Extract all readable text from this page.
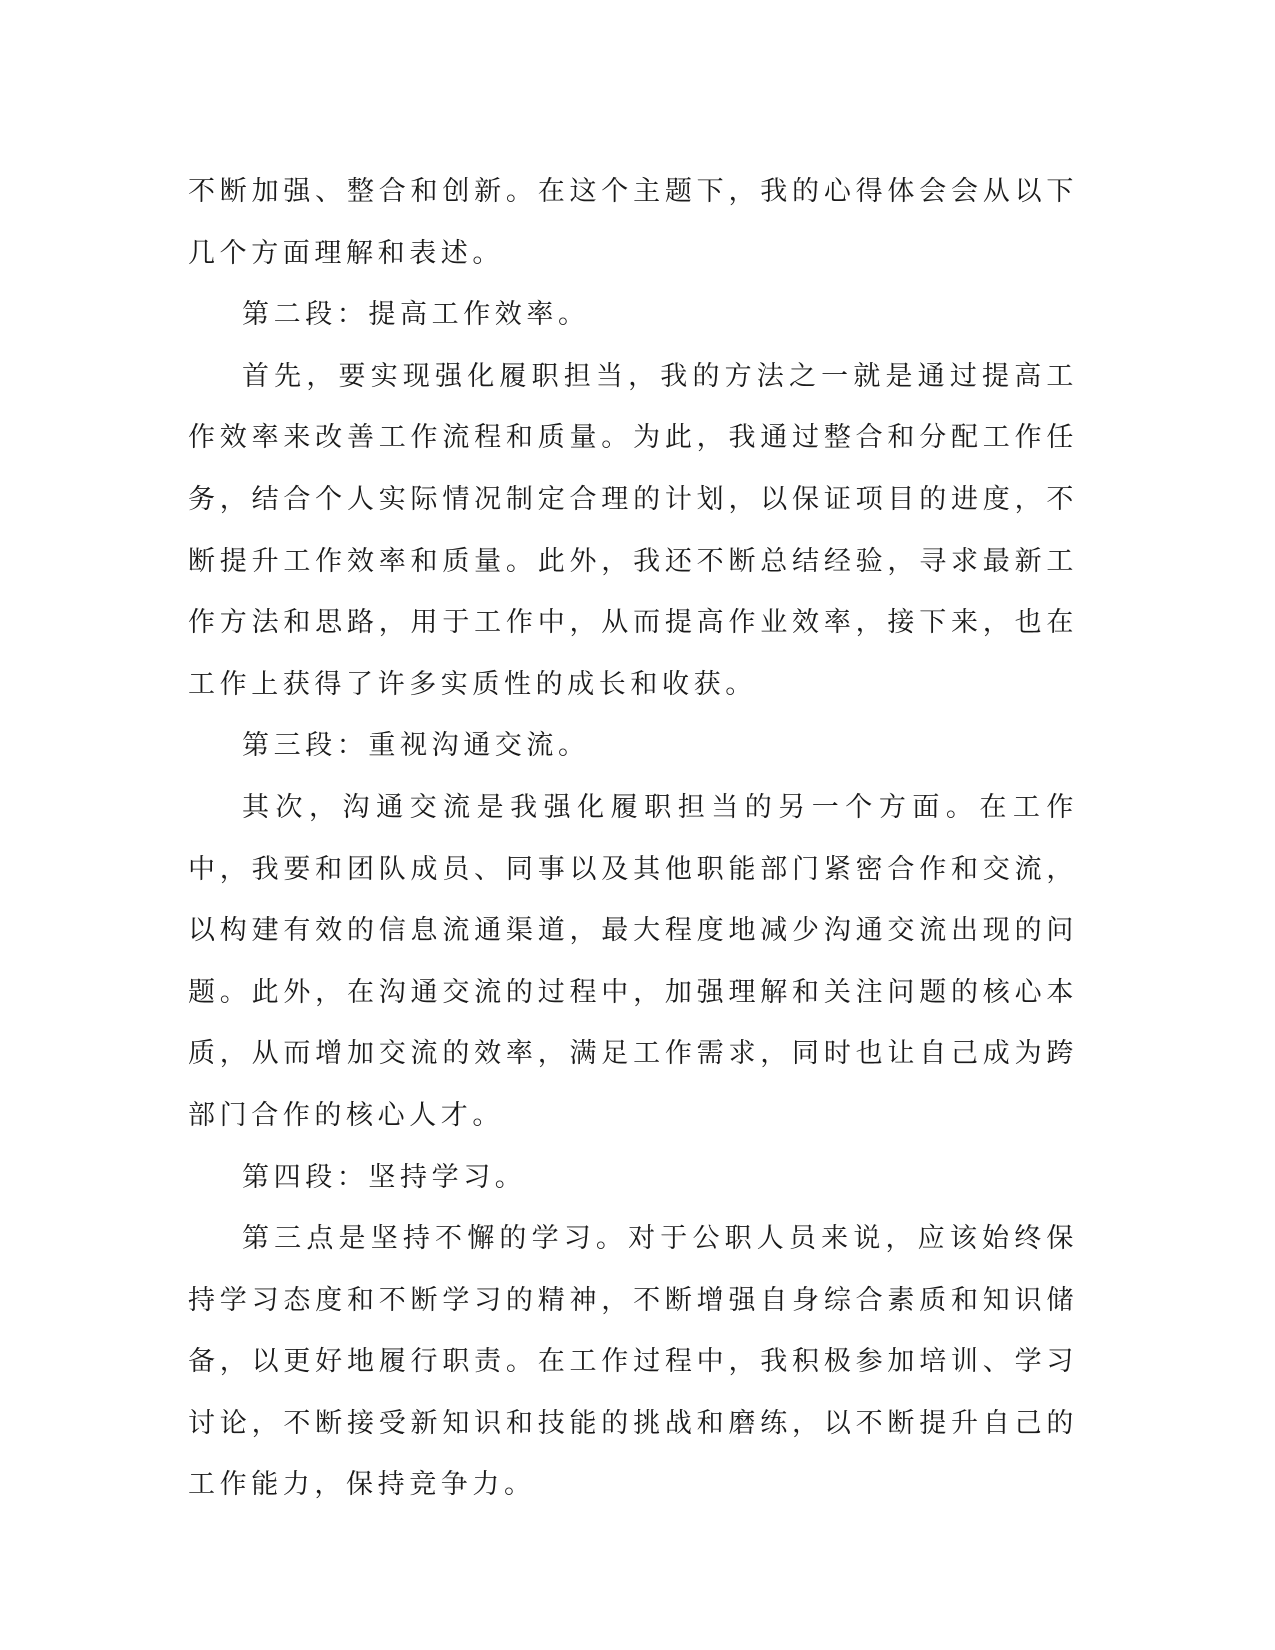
不断加强、整合和创新。在这个主题下，我的心得体会会从以下几个方面理解和表述。

第二段：提高工作效率。

首先，要实现强化履职担当，我的方法之一就是通过提高工作效率来改善工作流程和质量。为此，我通过整合和分配工作任务，结合个人实际情况制定合理的计划，以保证项目的进度，不断提升工作效率和质量。此外，我还不断总结经验，寻求最新工作方法和思路，用于工作中，从而提高作业效率，接下来，也在工作上获得了许多实质性的成长和收获。

第三段：重视沟通交流。

其次，沟通交流是我强化履职担当的另一个方面。在工作中，我要和团队成员、同事以及其他职能部门紧密合作和交流，以构建有效的信息流通渠道，最大程度地减少沟通交流出现的问题。此外，在沟通交流的过程中，加强理解和关注问题的核心本质，从而增加交流的效率，满足工作需求，同时也让自己成为跨部门合作的核心人才。

第四段：坚持学习。

第三点是坚持不懈的学习。对于公职人员来说，应该始终保持学习态度和不断学习的精神，不断增强自身综合素质和知识储备，以更好地履行职责。在工作过程中，我积极参加培训、学习讨论，不断接受新知识和技能的挑战和磨练，以不断提升自己的工作能力，保持竞争力。
